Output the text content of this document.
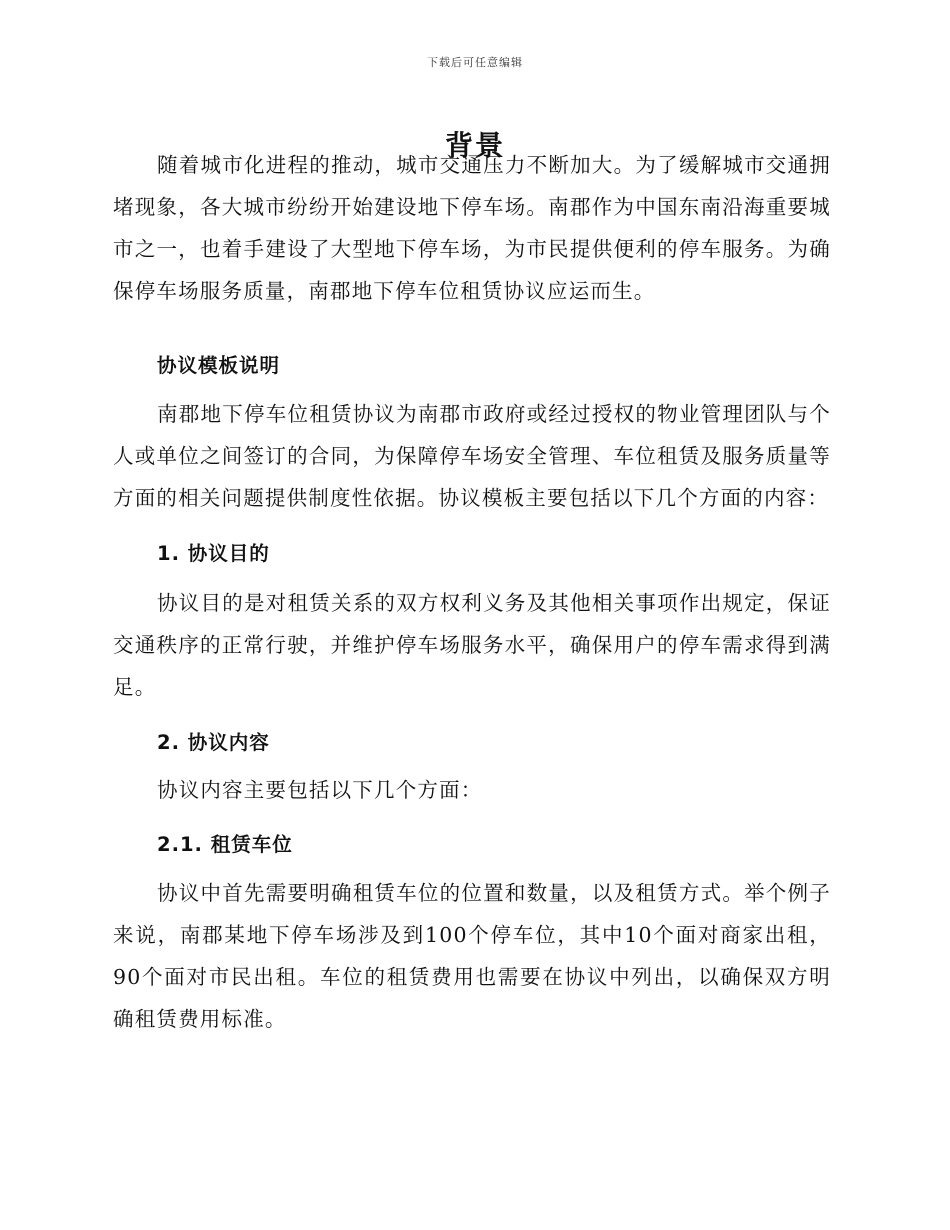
下载后可任意编辑
背景

随着城市化进程的推动，城市交通压力不断加大。为了缓解城市交通拥堵现象，各大城市纷纷开始建设地下停车场。南郡作为中国东南沿海重要城市之一，也着手建设了大型地下停车场，为市民提供便利的停车服务。为确保停车场服务质量，南郡地下停车位租赁协议应运而生。

协议模板说明

南郡地下停车位租赁协议为南郡市政府或经过授权的物业管理团队与个人或单位之间签订的合同，为保障停车场安全管理、车位租赁及服务质量等方面的相关问题提供制度性依据。协议模板主要包括以下几个方面的内容：

1. 协议目的

协议目的是对租赁关系的双方权利义务及其他相关事项作出规定，保证交通秩序的正常行驶，并维护停车场服务水平，确保用户的停车需求得到满足。

2. 协议内容

协议内容主要包括以下几个方面：

2.1. 租赁车位

协议中首先需要明确租赁车位的位置和数量，以及租赁方式。举个例子来说，南郡某地下停车场涉及到100个停车位，其中10个面对商家出租，90个面对市民出租。车位的租赁费用也需要在协议中列出，以确保双方明确租赁费用标准。
